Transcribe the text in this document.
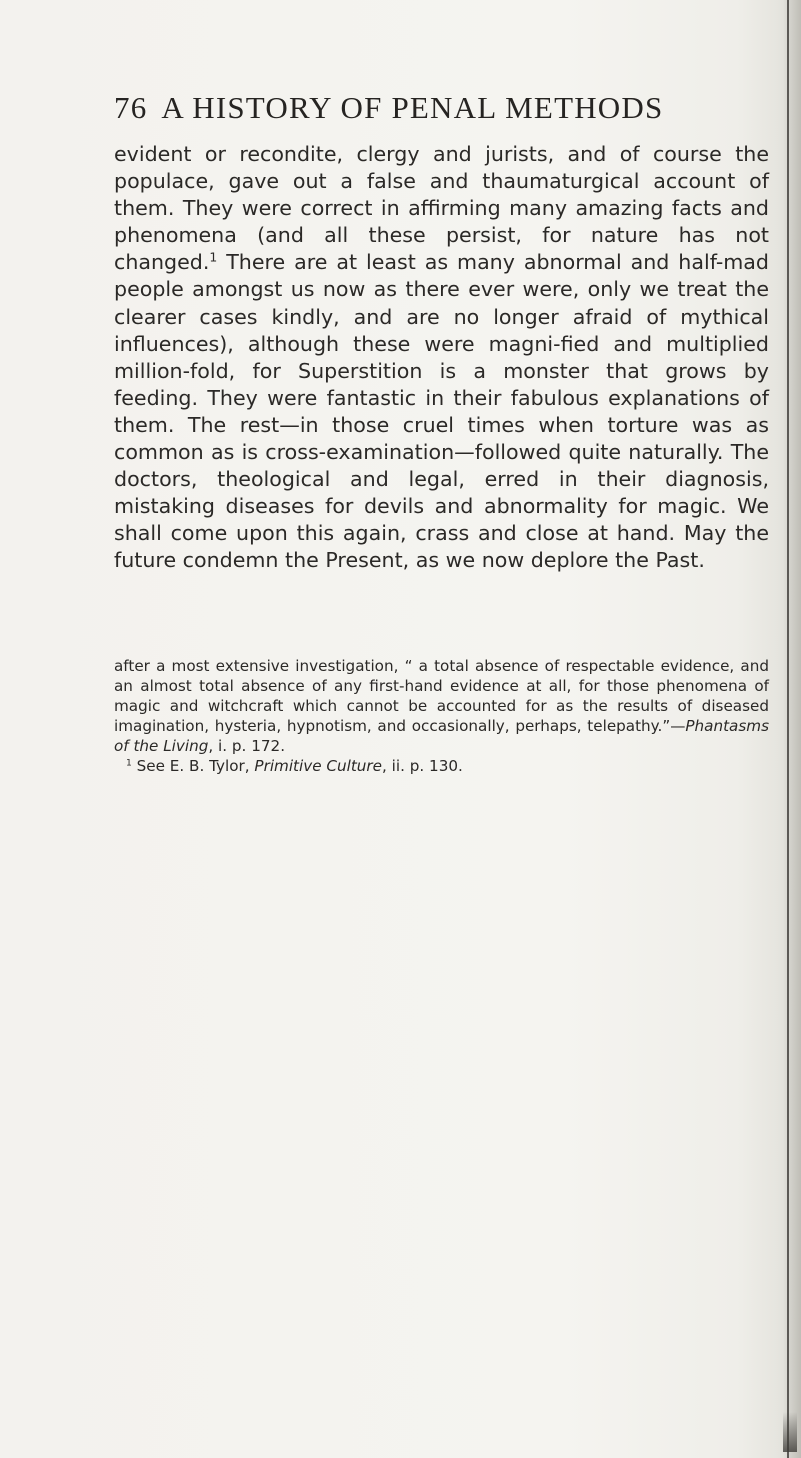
76 A HISTORY OF PENAL METHODS

evident or recondite, clergy and jurists, and of course the populace, gave out a false and thaumaturgical account of them. They were correct in affirming many amazing facts and phenomena (and all these persist, for nature has not changed.$^1$ There are at least as many abnormal and half-mad people amongst us now as there ever were, only we treat the clearer cases kindly, and are no longer afraid of mythical influences), although these were magni-fied and multiplied million-fold, for Superstition is a monster that grows by feeding. They were fantastic in their fabulous explanations of them. The rest—in those cruel times when torture was as common as is cross-examination—followed quite naturally. The doctors, theological and legal, erred in their diagnosis, mistaking diseases for devils and abnormality for magic. We shall come upon this again, crass and close at hand. May the future condemn the Present, as we now deplore the Past.

after a most extensive investigation, “ a total absence of respectable evidence, and an almost total absence of any first-hand evidence at all, for those phenomena of magic and witchcraft which cannot be accounted for as the results of diseased imagination, hysteria, hypnotism, and occasionally, perhaps, telepathy.”—Phantasms of the Living, i. p. 172.

$^1$ See E. B. Tylor, Primitive Culture, ii. p. 130.
